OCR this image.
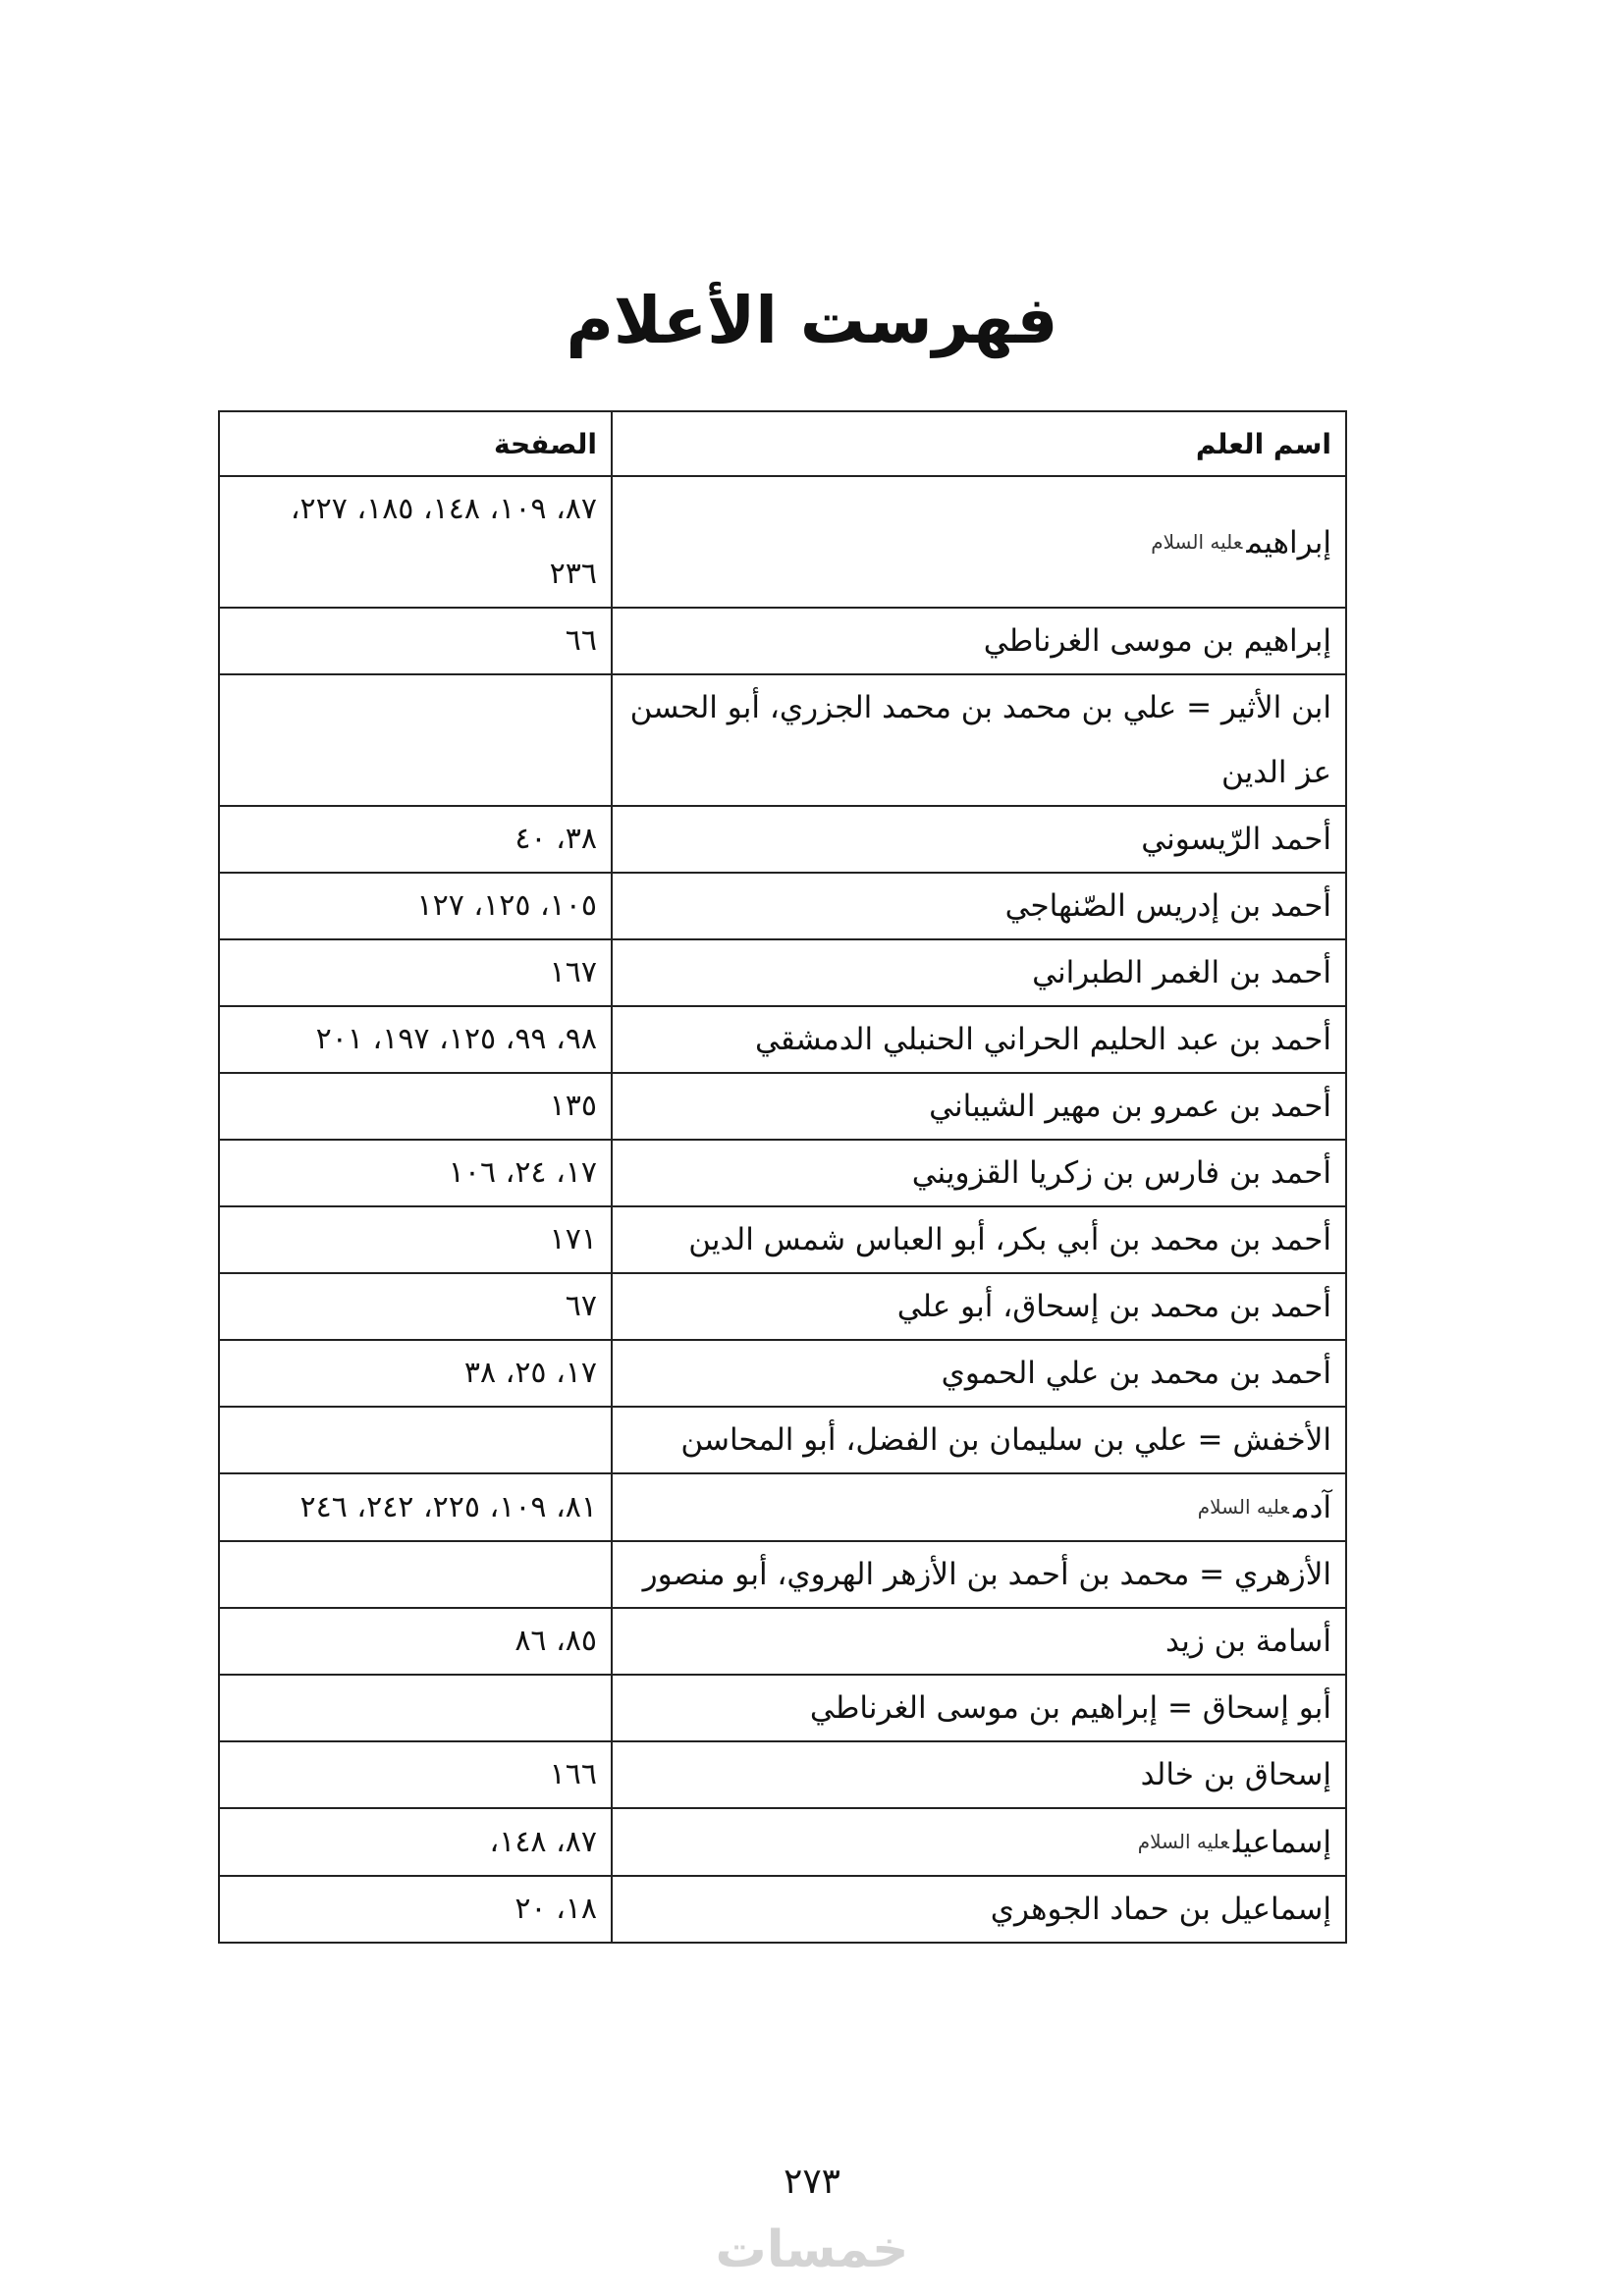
فهرست الأعلام
اسم العلم	الصفحة
إبراهيمعليه السلام	٨٧، ١٠٩، ١٤٨، ١٨٥، ٢٢٧، ٢٣٦
إبراهيم بن موسى الغرناطي	٦٦
ابن الأثير = علي بن محمد بن محمد الجزري، أبو الحسن عز الدين	
أحمد الرّيسوني	٣٨، ٤٠
أحمد بن إدريس الصّنهاجي	١٠٥، ١٢٥، ١٢٧
أحمد بن الغمر الطبراني	١٦٧
أحمد بن عبد الحليم الحراني الحنبلي الدمشقي	٩٨، ٩٩، ١٢٥، ١٩٧، ٢٠١
أحمد بن عمرو بن مهير الشيباني	١٣٥
أحمد بن فارس بن زكريا القزويني	١٧، ٢٤، ١٠٦
أحمد بن محمد بن أبي بكر، أبو العباس شمس الدين	١٧١
أحمد بن محمد بن إسحاق، أبو علي	٦٧
أحمد بن محمد بن علي الحموي	١٧، ٢٥، ٣٨
الأخفش = علي بن سليمان بن الفضل، أبو المحاسن	
آدمعليه السلام	٨١، ١٠٩، ٢٢٥، ٢٤٢، ٢٤٦
الأزهري = محمد بن أحمد بن الأزهر الهروي، أبو منصور	
أسامة بن زيد	٨٥، ٨٦
أبو إسحاق = إبراهيم بن موسى الغرناطي	
إسحاق بن خالد	١٦٦
إسماعيلعليه السلام	٨٧، ١٤٨،
إسماعيل بن حماد الجوهري	١٨، ٢٠
٢٧٣
خمسات
